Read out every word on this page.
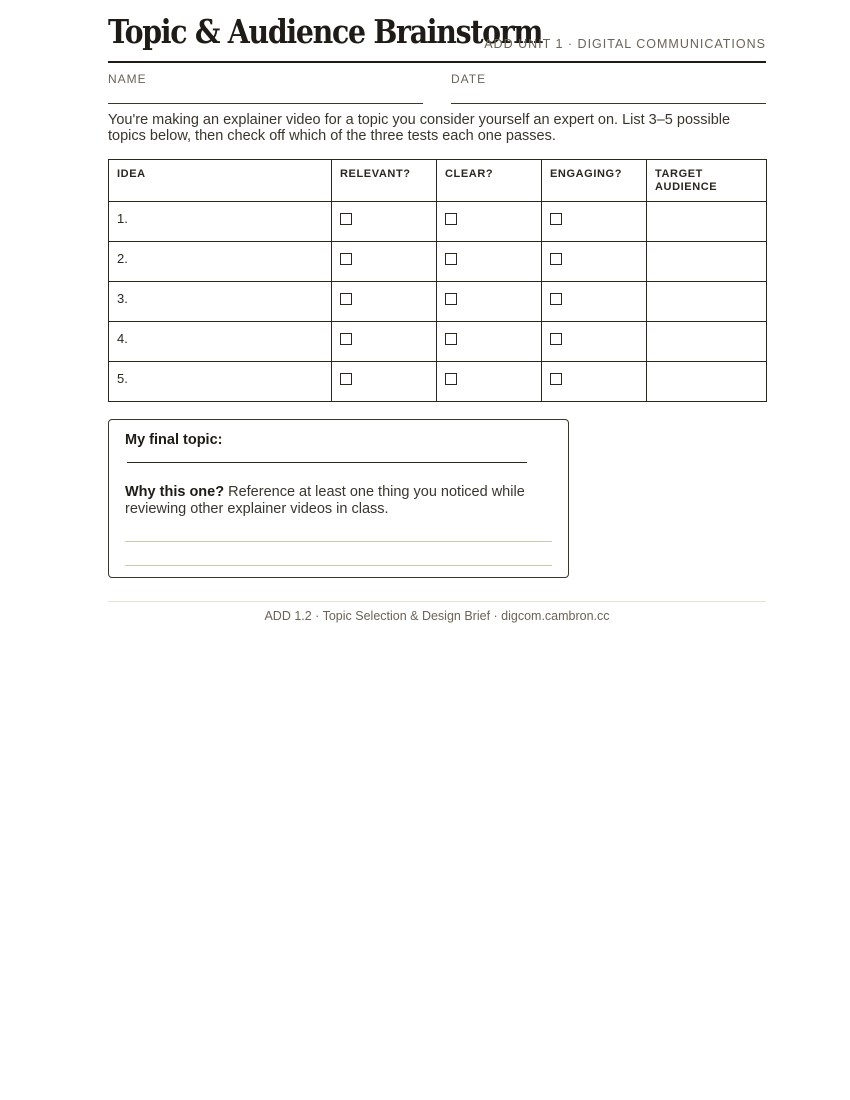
Topic & Audience Brainstorm
ADD UNIT 1 · DIGITAL COMMUNICATIONS
NAME	DATE

You're making an explainer video for a topic you consider yourself an expert on. List 3–5 possible topics below, then check off which of the three tests each one passes.

IDEA	RELEVANT?	CLEAR?	ENGAGING?	TARGET AUDIENCE
1.				
2.				
3.				
4.				
5.				
My final topic:
Why this one? Reference at least one thing you noticed while reviewing other explainer videos in class.
ADD 1.2 · Topic Selection & Design Brief · digcom.cambron.cc
